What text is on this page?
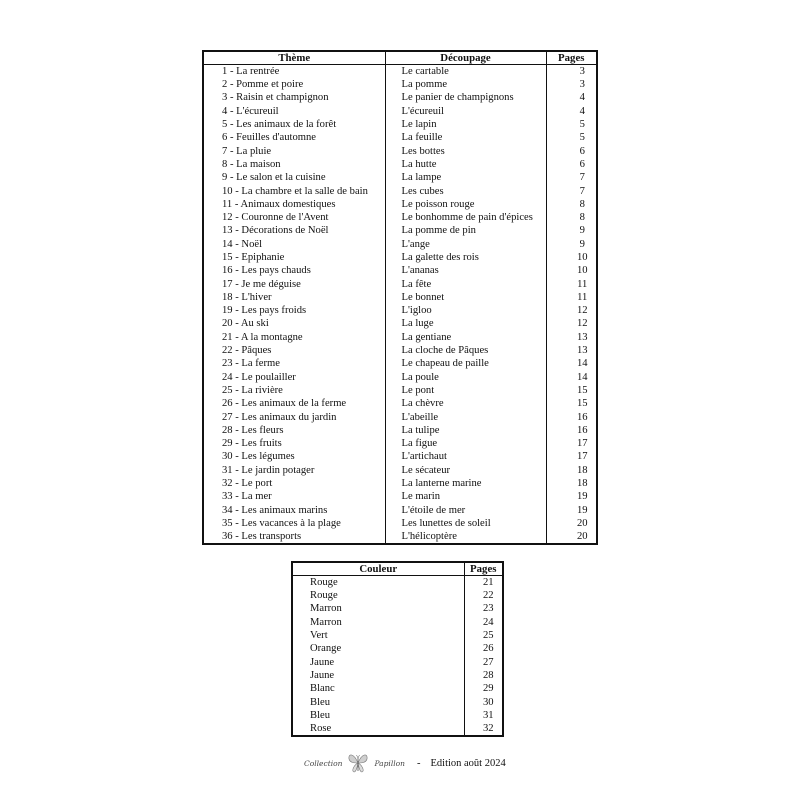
Thème	Découpage	Pages
1 - La rentrée	Le cartable	3
2 - Pomme et poire	La pomme	3
3 - Raisin et champignon	Le panier de champignons	4
4 - L'écureuil	L'écureuil	4
5 - Les animaux de la forêt	Le lapin	5
6 - Feuilles d'automne	La feuille	5
7 - La pluie	Les bottes	6
8 - La maison	La hutte	6
9 - Le salon et la cuisine	La lampe	7
10 - La chambre et la salle de bain	Les cubes	7
11 - Animaux domestiques	Le poisson rouge	8
12 - Couronne de l'Avent	Le bonhomme de pain d'épices	8
13 - Décorations de Noël	La pomme de pin	9
14 - Noël	L'ange	9
15 - Epiphanie	La galette des rois	10
16 - Les pays chauds	L'ananas	10
17 - Je me déguise	La fête	11
18 - L'hiver	Le bonnet	11
19 - Les pays froids	L'igloo	12
20 - Au ski	La luge	12
21 - A la montagne	La gentiane	13
22 - Pâques	La cloche de Pâques	13
23 - La ferme	Le chapeau de paille	14
24 - Le poulailler	La poule	14
25 - La rivière	Le pont	15
26 - Les animaux de la ferme	La chèvre	15
27 - Les animaux du jardin	L'abeille	16
28 - Les fleurs	La tulipe	16
29 - Les fruits	La figue	17
30 - Les légumes	L'artichaut	17
31 - Le jardin potager	Le sécateur	18
32 - Le port	La lanterne marine	18
33 - La mer	Le marin	19
34 - Les animaux marins	L'étoile de mer	19
35 - Les vacances à la plage	Les lunettes de soleil	20
36 - Les transports	L'hélicoptère	20
Couleur	Pages
Rouge	21
Rouge	22
Marron	23
Marron	24
Vert	25
Orange	26
Jaune	27
Jaune	28
Blanc	29
Bleu	30
Bleu	31
Rose	32
Collection	Papillon - Edition août 2024
